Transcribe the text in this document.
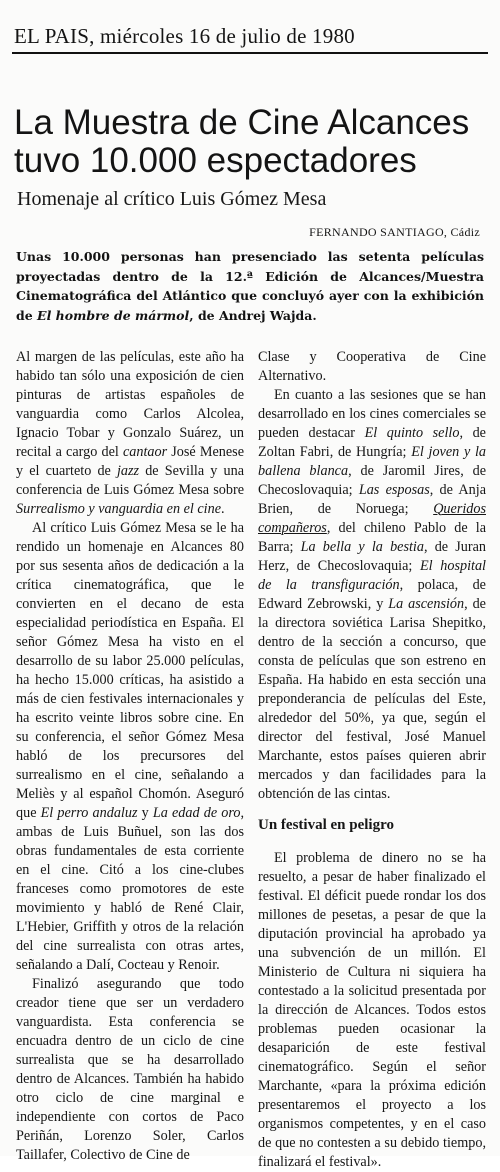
EL PAIS, miércoles 16 de julio de 1980
La Muestra de Cine Alcances tuvo 10.000 espectadores
Homenaje al crítico Luis Gómez Mesa
FERNANDO SANTIAGO, Cádiz
Unas 10.000 personas han presenciado las setenta películas proyectadas dentro de la 12.ª Edición de Alcances/Muestra Cinematográfica del Atlántico que concluyó ayer con la exhibición de El hombre de mármol, de Andrej Wajda.

Al margen de las películas, este año ha habido tan sólo una exposición de cien pinturas de artistas españoles de vanguardia como Carlos Alcolea, Ignacio Tobar y Gonzalo Suárez, un recital a cargo del cantaor José Menese y el cuarteto de jazz de Sevilla y una conferencia de Luis Gómez Mesa sobre Surrealismo y vanguardia en el cine.

Al crítico Luis Gómez Mesa se le ha rendido un homenaje en Alcances 80 por sus sesenta años de dedicación a la crítica cinematográfica, que le convierten en el decano de esta especialidad periodística en España. El señor Gómez Mesa ha visto en el desarrollo de su labor 25.000 películas, ha hecho 15.000 críticas, ha asistido a más de cien festivales internacionales y ha escrito veinte libros sobre cine. En su conferencia, el señor Gómez Mesa habló de los precursores del surrealismo en el cine, señalando a Meliès y al español Chomón. Aseguró que El perro andaluz y La edad de oro, ambas de Luis Buñuel, son las dos obras fundamentales de esta corriente en el cine. Citó a los cine-clubes franceses como promotores de este movimiento y habló de René Clair, L'Hebier, Griffith y otros de la relación del cine surrealista con otras artes, señalando a Dalí, Cocteau y Renoir.

Finalizó asegurando que todo creador tiene que ser un verdadero vanguardista. Esta conferencia se encuadra dentro de un ciclo de cine surrealista que se ha desarrollado dentro de Alcances. También ha habido otro ciclo de cine marginal e independiente con cortos de Paco Periñán, Lorenzo Soler, Carlos Taillafer, Colectivo de Cine de

Clase y Cooperativa de Cine Alternativo.

En cuanto a las sesiones que se han desarrollado en los cines comerciales se pueden destacar El quinto sello, de Zoltan Fabri, de Hungría; El joven y la ballena blanca, de Jaromil Jires, de Checoslovaquia; Las esposas, de Anja Brien, de Noruega; Queridos compañeros, del chileno Pablo de la Barra; La bella y la bestia, de Juran Herz, de Checoslovaquia; El hospital de la transfiguración, polaca, de Edward Zebrowski, y La ascensión, de la directora soviética Larisa Shepitko, dentro de la sección a concurso, que consta de películas que son estreno en España. Ha habido en esta sección una preponderancia de películas del Este, alrededor del 50%, ya que, según el director del festival, José Manuel Marchante, estos países quieren abrir mercados y dan facilidades para la obtención de las cintas.

Un festival en peligro

El problema de dinero no se ha resuelto, a pesar de haber finalizado el festival. El déficit puede rondar los dos millones de pesetas, a pesar de que la diputación provincial ha aprobado ya una subvención de un millón. El Ministerio de Cultura ni siquiera ha contestado a la solicitud presentada por la dirección de Alcances. Todos estos problemas pueden ocasionar la desaparición de este festival cinematográfico. Según el señor Marchante, «para la próxima edición presentaremos el proyecto a los organismos competentes, y en el caso de que no contesten a su debido tiempo, finalizará el festival».
